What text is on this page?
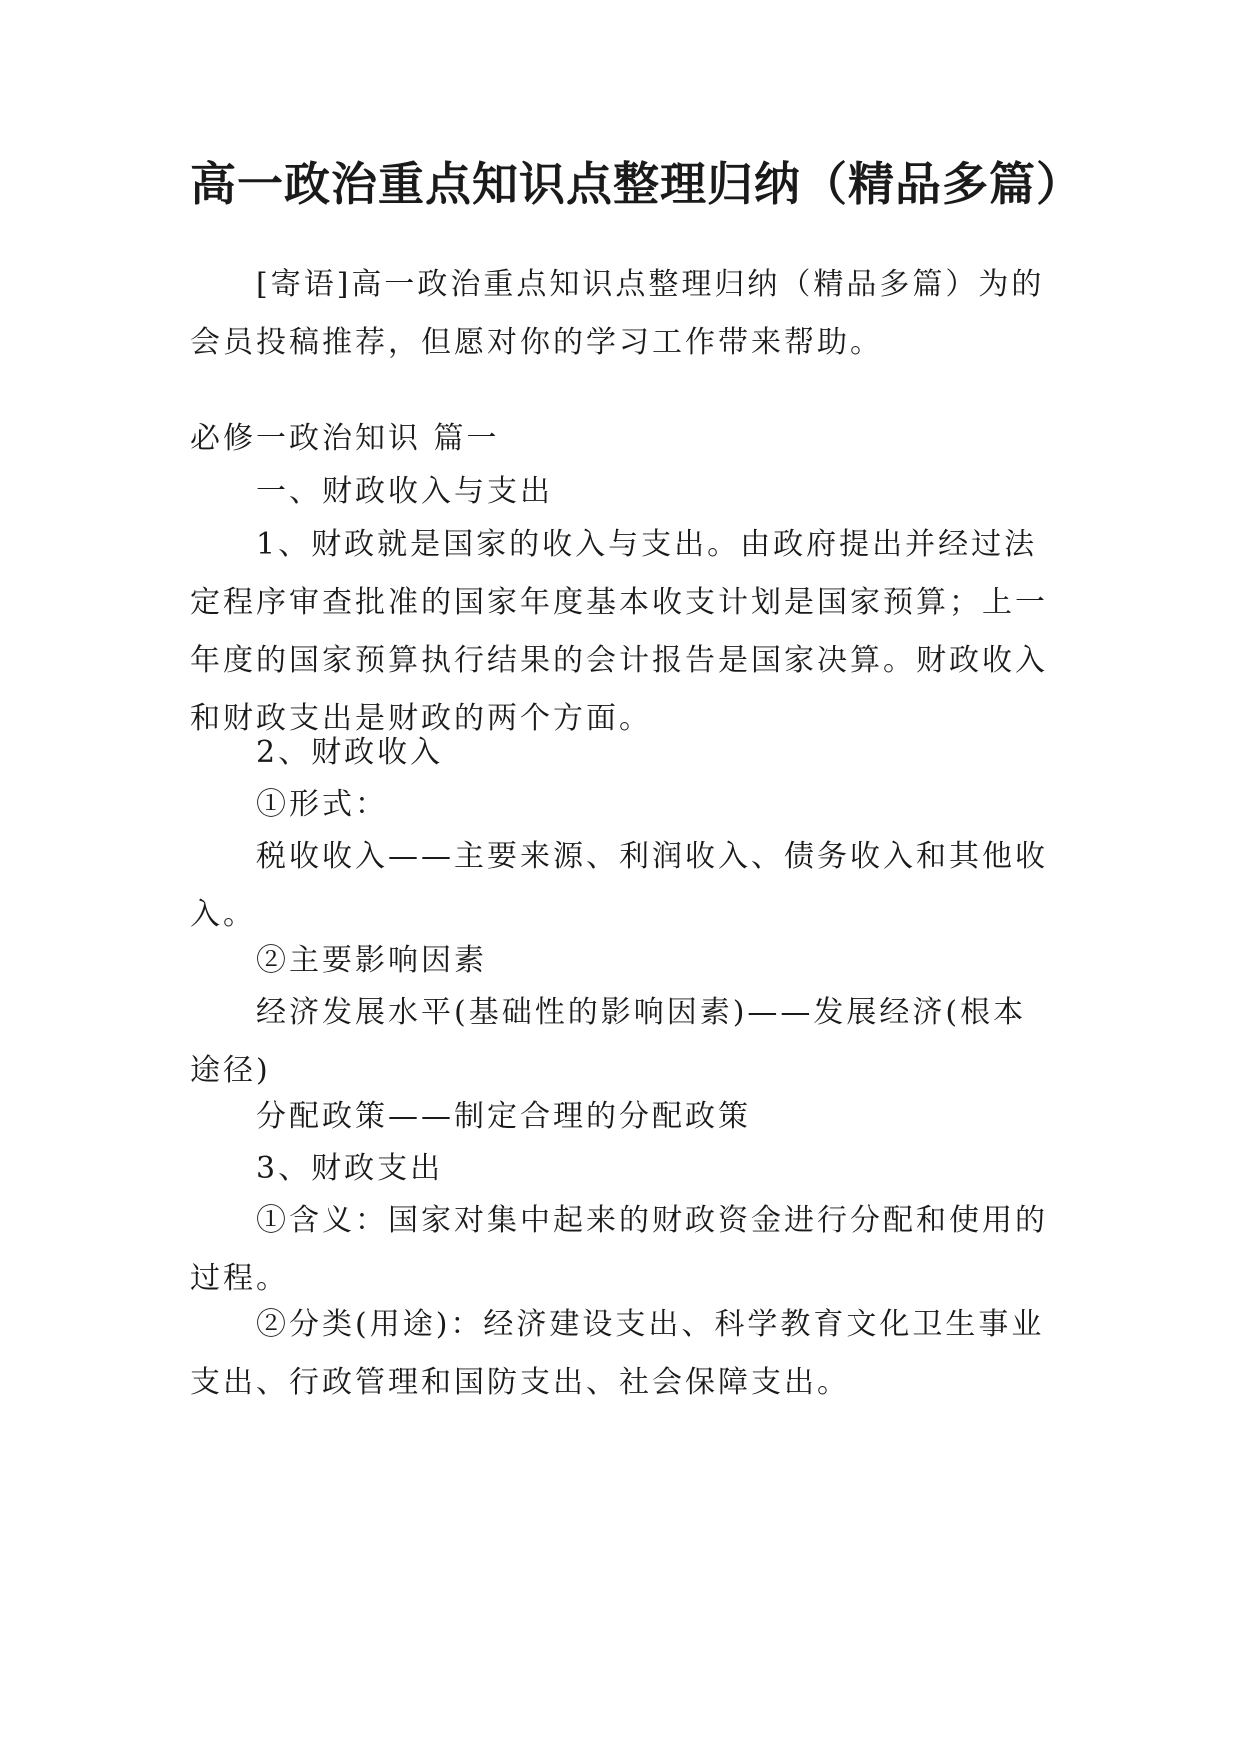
高一政治重点知识点整理归纳（精品多篇）

[寄语]高一政治重点知识点整理归纳（精品多篇）为的会员投稿推荐，但愿对你的学习工作带来帮助。

必修一政治知识 篇一

一、财政收入与支出

1、财政就是国家的收入与支出。由政府提出并经过法定程序审查批准的国家年度基本收支计划是国家预算；上一年度的国家预算执行结果的会计报告是国家决算。财政收入和财政支出是财政的两个方面。

2、财政收入

①形式：

税收收入——主要来源、利润收入、债务收入和其他收入。

②主要影响因素

经济发展水平(基础性的影响因素)——发展经济(根本途径)

分配政策——制定合理的分配政策

3、财政支出

①含义：国家对集中起来的财政资金进行分配和使用的过程。

②分类(用途)：经济建设支出、科学教育文化卫生事业支出、行政管理和国防支出、社会保障支出。
